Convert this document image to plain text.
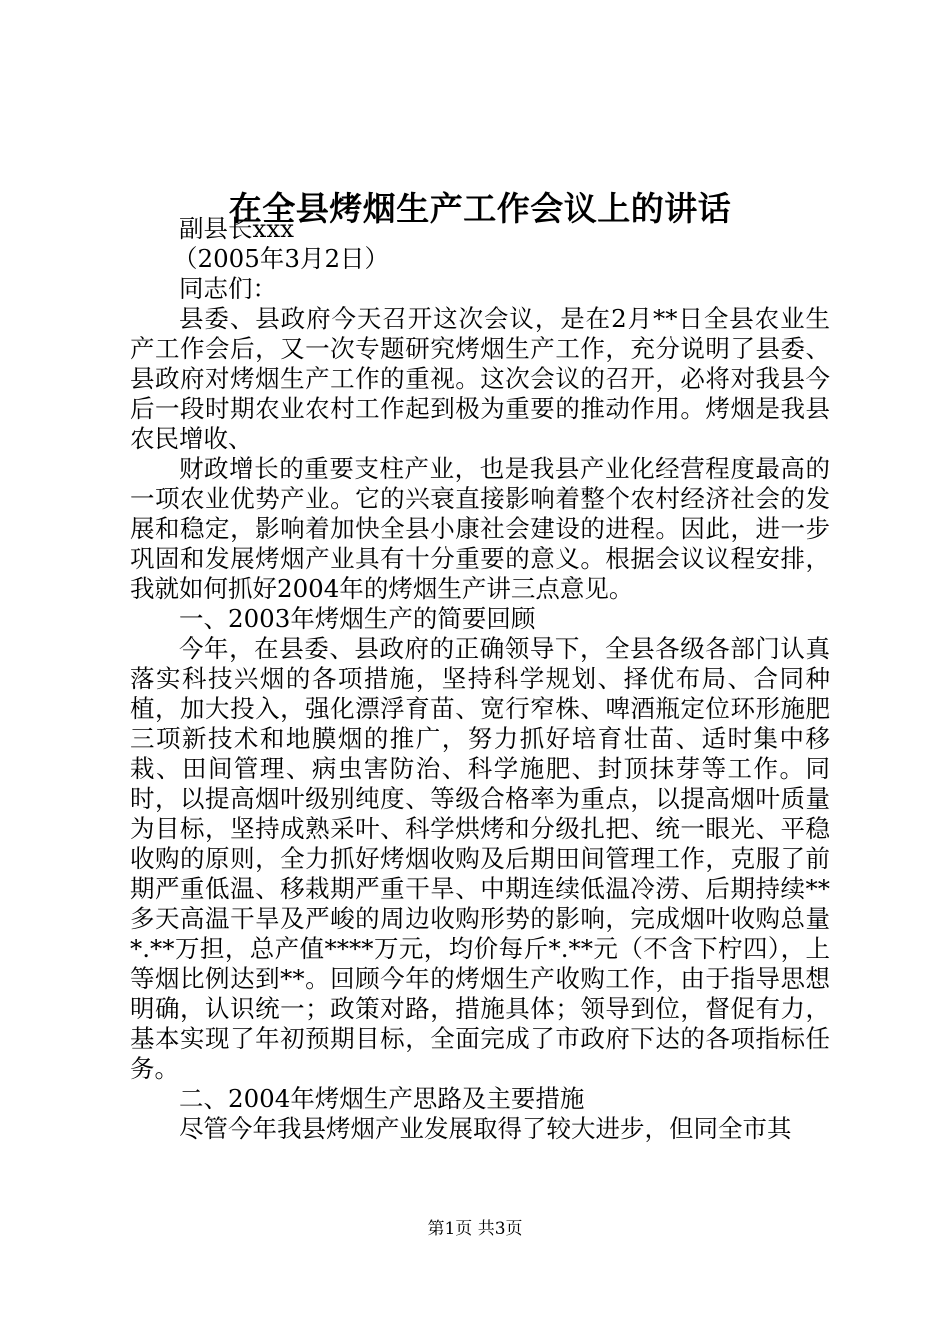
在全县烤烟生产工作会议上的讲话

副县长xxx

（2005年3月2日）

同志们：

县委、县政府今天召开这次会议，是在2月**日全县农业生产工作会后，又一次专题研究烤烟生产工作，充分说明了县委、县政府对烤烟生产工作的重视。这次会议的召开，必将对我县今后一段时期农业农村工作起到极为重要的推动作用。烤烟是我县农民增收、

财政增长的重要支柱产业，也是我县产业化经营程度最高的一项农业优势产业。它的兴衰直接影响着整个农村经济社会的发展和稳定，影响着加快全县小康社会建设的进程。因此，进一步巩固和发展烤烟产业具有十分重要的意义。根据会议议程安排，我就如何抓好2004年的烤烟生产讲三点意见。

一、2003年烤烟生产的简要回顾

今年，在县委、县政府的正确领导下，全县各级各部门认真落实科技兴烟的各项措施，坚持科学规划、择优布局、合同种植，加大投入，强化漂浮育苗、宽行窄株、啤酒瓶定位环形施肥三项新技术和地膜烟的推广，努力抓好培育壮苗、适时集中移栽、田间管理、病虫害防治、科学施肥、封顶抹芽等工作。同时，以提高烟叶级别纯度、等级合格率为重点，以提高烟叶质量为目标，坚持成熟采叶、科学烘烤和分级扎把、统一眼光、平稳收购的原则，全力抓好烤烟收购及后期田间管理工作，克服了前期严重低温、移栽期严重干旱、中期连续低温冷涝、后期持续**多天高温干旱及严峻的周边收购形势的影响，完成烟叶收购总量*.**万担，总产值****万元，均价每斤*.**元（不含下柠四），上等烟比例达到**。回顾今年的烤烟生产收购工作，由于指导思想明确，认识统一；政策对路，措施具体；领导到位，督促有力，基本实现了年初预期目标，全面完成了市政府下达的各项指标任务。

二、2004年烤烟生产思路及主要措施

尽管今年我县烤烟产业发展取得了较大进步，但同全市其

第1页 共3页
